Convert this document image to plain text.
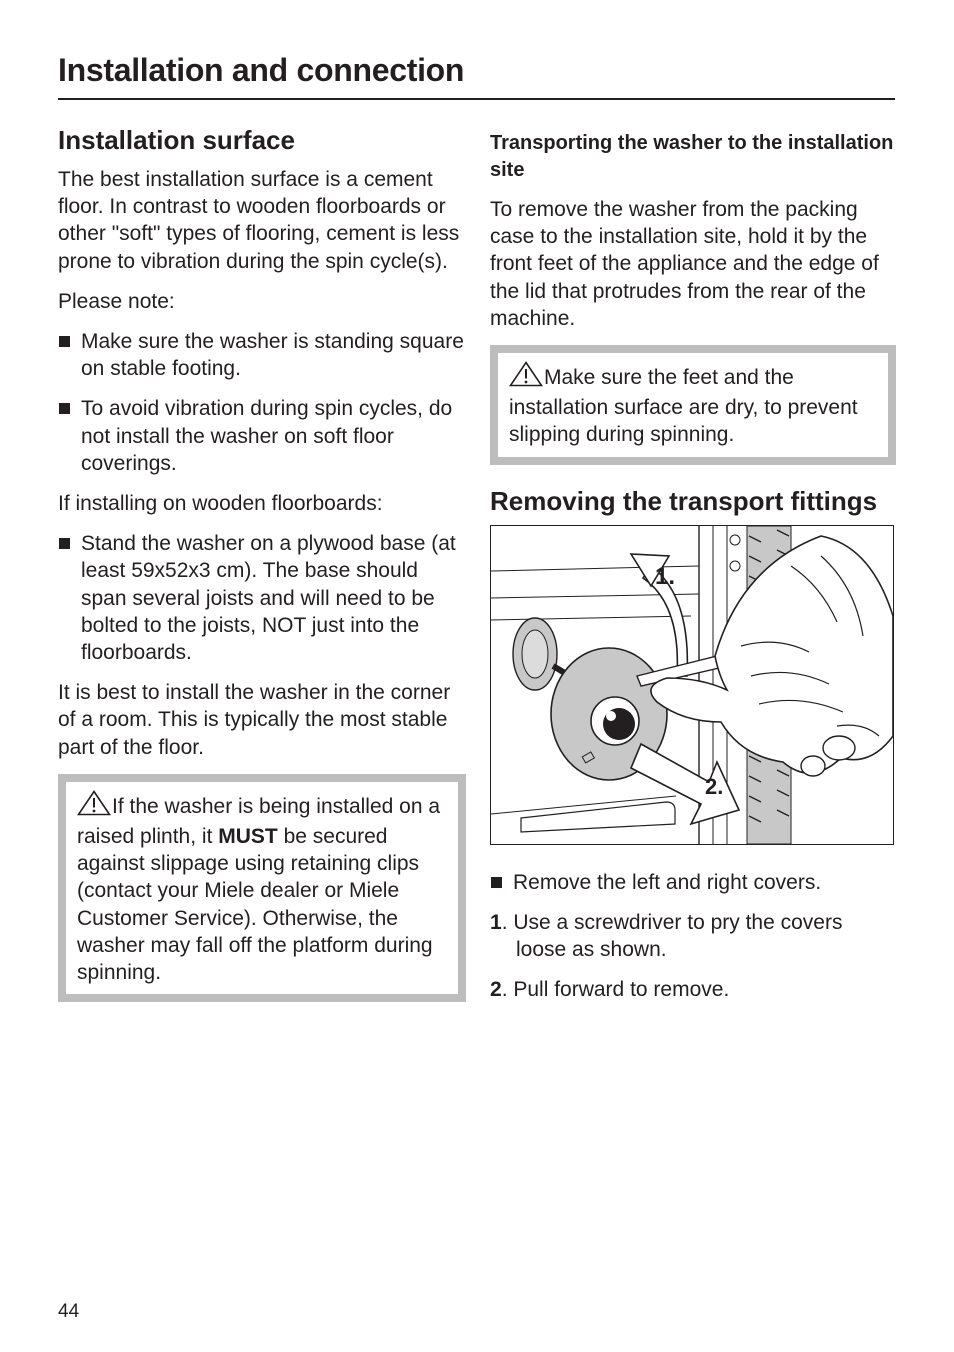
Installation and connection
Installation surface

The best installation surface is a cement floor. In contrast to wooden floorboards or other "soft" types of flooring, cement is less prone to vibration during the spin cycle(s).

Please note:

Make sure the washer is standing square on stable footing.
To avoid vibration during spin cycles, do not install the washer on soft floor coverings.

If installing on wooden floorboards:

Stand the washer on a plywood base (at least 59x52x3 cm). The base should span several joists and will need to be bolted to the joists, NOT just into the floorboards.

It is best to install the washer in the corner of a room. This is typically the most stable part of the floor.

If the washer is being installed on a raised plinth, it MUST be secured against slippage using retaining clips (contact your Miele dealer or Miele Customer Service). Otherwise, the washer may fall off the platform during spinning.
Transporting the washer to the installation site

To remove the washer from the packing case to the installation site, hold it by the front feet of the appliance and the edge of the lid that protrudes from the rear of the machine.

Make sure the feet and the installation surface are dry, to prevent slipping during spinning.
Removing the transport fittings
1.
2.
Remove the left and right covers.
1. Use a screwdriver to pry the covers loose as shown.
2. Pull forward to remove.
44
